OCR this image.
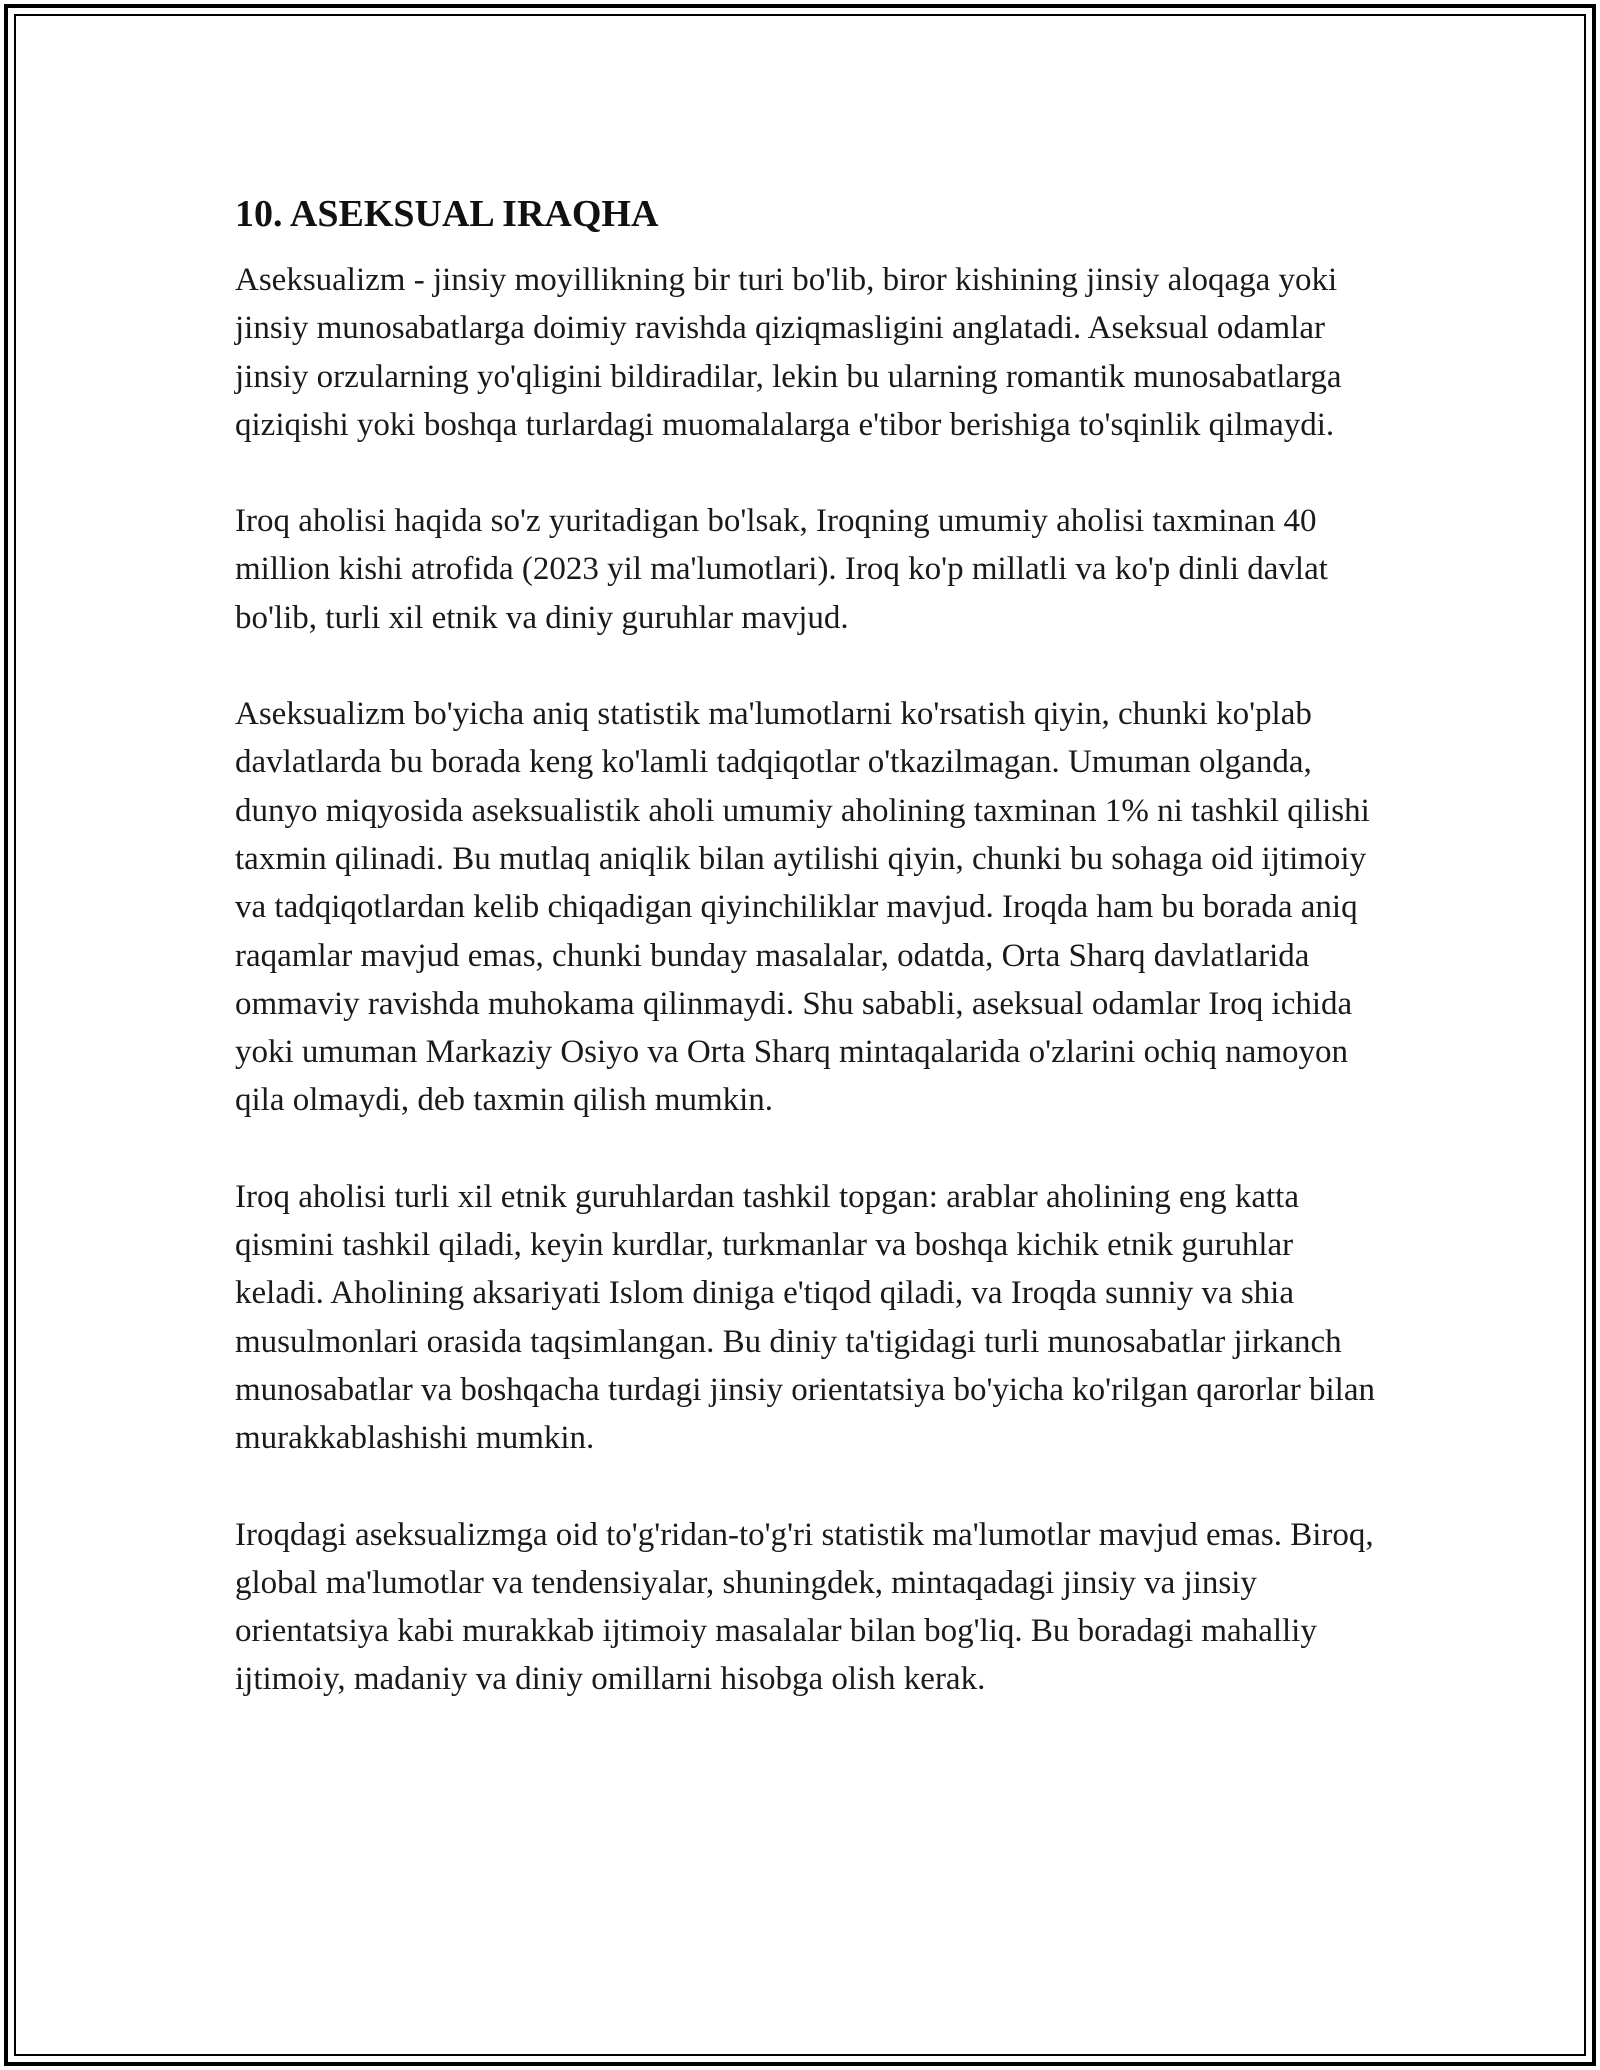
10. ASEKSUAL IRAQHA

Aseksualizm - jinsiy moyillikning bir turi bo'lib, biror kishining jinsiy aloqaga yoki jinsiy munosabatlarga doimiy ravishda qiziqmasligini anglatadi. Aseksual odamlar jinsiy orzularning yo'qligini bildiradilar, lekin bu ularning romantik munosabatlarga qiziqishi yoki boshqa turlardagi muomalalarga e'tibor berishiga to'sqinlik qilmaydi.

Iroq aholisi haqida so'z yuritadigan bo'lsak, Iroqning umumiy aholisi taxminan 40 million kishi atrofida (2023 yil ma'lumotlari). Iroq ko'p millatli va ko'p dinli davlat bo'lib, turli xil etnik va diniy guruhlar mavjud.

Aseksualizm bo'yicha aniq statistik ma'lumotlarni ko'rsatish qiyin, chunki ko'plab davlatlarda bu borada keng ko'lamli tadqiqotlar o'tkazilmagan. Umuman olganda, dunyo miqyosida aseksualistik aholi umumiy aholining taxminan 1% ni tashkil qilishi taxmin qilinadi. Bu mutlaq aniqlik bilan aytilishi qiyin, chunki bu sohaga oid ijtimoiy va tadqiqotlardan kelib chiqadigan qiyinchiliklar mavjud. Iroqda ham bu borada aniq raqamlar mavjud emas, chunki bunday masalalar, odatda, Orta Sharq davlatlarida ommaviy ravishda muhokama qilinmaydi. Shu sababli, aseksual odamlar Iroq ichida yoki umuman Markaziy Osiyo va Orta Sharq mintaqalarida o'zlarini ochiq namoyon qila olmaydi, deb taxmin qilish mumkin.

Iroq aholisi turli xil etnik guruhlardan tashkil topgan: arablar aholining eng katta qismini tashkil qiladi, keyin kurdlar, turkmanlar va boshqa kichik etnik guruhlar keladi. Aholining aksariyati Islom diniga e'tiqod qiladi, va Iroqda sunniy va shia musulmonlari orasida taqsimlangan. Bu diniy ta'tigidagi turli munosabatlar jirkanch munosabatlar va boshqacha turdagi jinsiy orientatsiya bo'yicha ko'rilgan qarorlar bilan murakkablashishi mumkin.

Iroqdagi aseksualizmga oid to'g'ridan-to'g'ri statistik ma'lumotlar mavjud emas. Biroq, global ma'lumotlar va tendensiyalar, shuningdek, mintaqadagi jinsiy va jinsiy orientatsiya kabi murakkab ijtimoiy masalalar bilan bog'liq. Bu boradagi mahalliy ijtimoiy, madaniy va diniy omillarni hisobga olish kerak.
